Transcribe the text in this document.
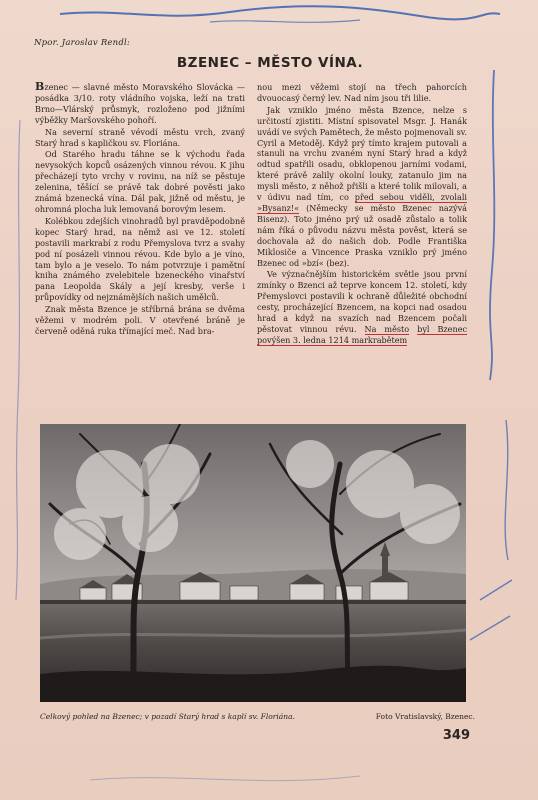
Npor. Jaroslav Rendl:
BZENEC – MĚSTO VÍNA.

Bzenec — slavné město Moravského Slovácka — posádka 3/10. roty vládního vojska, leží na trati Brno—Vlárský průsmyk, rozloženo pod jižními výběžky Maršovského pohoří.

Na severní straně vévodí městu vrch, zvaný Starý hrad s kapličkou sv. Floriána.

Od Starého hradu táhne se k východu řada nevysokých kopců osázených vinnou révou. K jihu přecházejí tyto vrchy v rovinu, na níž se pěstuje zelenina, těšící se právě tak dobré pověsti jako známá bzenecká vína. Dál pak, jižně od městu, je ohromná plocha luk lemovaná borovým lesem.

Kolébkou zdejších vinohradů byl pravděpodobně kopec Starý hrad, na němž asi ve 12. století postavili markrabí z rodu Přemyslova tvrz a svahy pod ní posázeli vinnou révou. Kde bylo a je víno, tam bylo a je veselo. To nám potvrzuje i pamětní kniha známého zvelebitele bzeneckého vinařství pana Leopolda Skály a její kresby, verše i průpovídky od nejznámějších našich umělců.

Znak města Bzence je stříbrná brána se dvěma věžemi v modrém poli. V otevřené bráně je červeně oděná ruka třímající meč. Nad bra-

nou mezi věžemi stojí na třech pahorcích dvouocasý černý lev. Nad ním jsou tři lilie.

Jak vzniklo jméno města Bzence, nelze s určitostí zjistiti. Místní spisovatel Msgr. J. Hanák uvádí ve svých Pamětech, že město pojmenovali sv. Cyril a Metoděj. Když prý tímto krajem putovali a stanuli na vrchu zvaném nyní Starý hrad a když odtud spatřili osadu, obklopenou jarními vodami, které právě zalily okolní louky, zatanulo jim na mysli město, z něhož přišli a které tolik milovali, a v údivu nad tím, co před sebou viděli, zvolali »Bysanz!« (Německy se město Bzenec nazývá Bisenz). Toto jméno prý už osadě zůstalo a tolik nám říká o původu názvu města pověst, která se dochovala až do našich dob. Podle Františka Miklosiče a Vincence Praska vzniklo prý jméno Bzenec od »bzí« (bez).

Ve význačnějším historickém světle jsou první zmínky o Bzenci až teprve koncem 12. století, kdy Přemyslovci postavili k ochraně důležité obchodní cesty, procházející Bzencem, na kopci nad osadou hrad a když na svazích nad Bzencem počali pěstovat vinnou révu. Na město byl Bzenec povýšen 3. ledna 1214 markrabětem

Celkový pohled na Bzenec; v pozadí Starý hrad s kaplí sv. Floriána.	Foto Vratislavský, Bzenec.
349
